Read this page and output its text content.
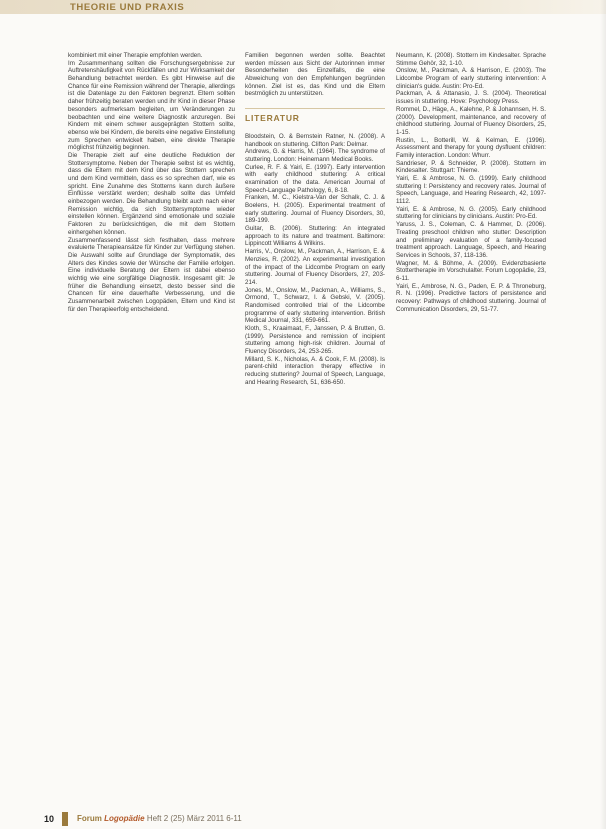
THEORIE UND PRAXIS

kombiniert mit einer Therapie empfohlen werden.

Im Zusammenhang sollten die Forschungsergebnisse zur Auftretenshäufigkeit von Rückfällen und zur Wirksamkeit der Behandlung betrachtet werden. Es gibt Hinweise auf die Chance für eine Remission während der Therapie, allerdings ist die Datenlage zu den Faktoren begrenzt. Eltern sollten daher frühzeitig beraten werden und ihr Kind in dieser Phase besonders aufmerksam begleiten, um Veränderungen zu beobachten und eine weitere Diagnostik anzuregen. Bei Kindern mit einem schwer ausgeprägten Stottern sollte, ebenso wie bei Kindern, die bereits eine negative Einstellung zum Sprechen entwickelt haben, eine direkte Therapie möglichst frühzeitig beginnen.

Die Therapie zielt auf eine deutliche Reduktion der Stottersymptome. Neben der Therapie selbst ist es wichtig, dass die Eltern mit dem Kind über das Stottern sprechen und dem Kind vermitteln, dass es so sprechen darf, wie es spricht. Eine Zunahme des Stotterns kann durch äußere Einflüsse verstärkt werden; deshalb sollte das Umfeld einbezogen werden. Die Behandlung bleibt auch nach einer Remission wichtig, da sich Stottersymptome wieder einstellen können. Ergänzend sind emotionale und soziale Faktoren zu berücksichtigen, die mit dem Stottern einhergehen können.

Zusammenfassend lässt sich festhalten, dass mehrere evaluierte Therapieansätze für Kinder zur Verfügung stehen. Die Auswahl sollte auf Grundlage der Symptomatik, des Alters des Kindes sowie der Wünsche der Familie erfolgen. Eine individuelle Beratung der Eltern ist dabei ebenso wichtig wie eine sorgfältige Diagnostik. Insgesamt gilt: Je früher die Behandlung einsetzt, desto besser sind die Chancen für eine dauerhafte Verbesserung, und die Zusammenarbeit zwischen Logopäden, Eltern und Kind ist für den Therapieerfolg entscheidend.

Familien begonnen werden sollte. Beachtet werden müssen aus Sicht der Autorinnen immer Besonderheiten des Einzelfalls, die eine Abweichung von den Empfehlungen begründen können. Ziel ist es, das Kind und die Eltern bestmöglich zu unterstützen.

LITERATUR

Bloodstein, O. & Bernstein Ratner, N. (2008). A handbook on stuttering. Clifton Park: Delmar.

Andrews, G. & Harris, M. (1964). The syndrome of stuttering. London: Heinemann Medical Books.

Curlee, R. F. & Yairi, E. (1997). Early intervention with early childhood stuttering: A critical examination of the data. American Journal of Speech-Language Pathology, 6, 8-18.

Franken, M. C., Kielstra-Van der Schalk, C. J. & Boelens, H. (2005). Experimental treatment of early stuttering. Journal of Fluency Disorders, 30, 189-199.

Guitar, B. (2006). Stuttering: An integrated approach to its nature and treatment. Baltimore: Lippincott Williams & Wilkins.

Harris, V., Onslow, M., Packman, A., Harrison, E. & Menzies, R. (2002). An experimental investigation of the impact of the Lidcombe Program on early stuttering. Journal of Fluency Disorders, 27, 203-214.

Jones, M., Onslow, M., Packman, A., Williams, S., Ormond, T., Schwarz, I. & Gebski, V. (2005). Randomised controlled trial of the Lidcombe programme of early stuttering intervention. British Medical Journal, 331, 659-661.

Kloth, S., Kraaimaat, F., Janssen, P. & Brutten, G. (1999). Persistence and remission of incipient stuttering among high-risk children. Journal of Fluency Disorders, 24, 253-265.

Millard, S. K., Nicholas, A. & Cook, F. M. (2008). Is parent-child interaction therapy effective in reducing stuttering? Journal of Speech, Language, and Hearing Research, 51, 636-650.

Neumann, K. (2008). Stottern im Kindesalter. Sprache Stimme Gehör, 32, 1-10.

Onslow, M., Packman, A. & Harrison, E. (2003). The Lidcombe Program of early stuttering intervention: A clinician's guide. Austin: Pro-Ed.

Packman, A. & Attanasio, J. S. (2004). Theoretical issues in stuttering. Hove: Psychology Press.

Rommel, D., Häge, A., Kalehne, P. & Johannsen, H. S. (2000). Development, maintenance, and recovery of childhood stuttering. Journal of Fluency Disorders, 25, 1-15.

Rustin, L., Botterill, W. & Kelman, E. (1996). Assessment and therapy for young dysfluent children: Family interaction. London: Whurr.

Sandrieser, P. & Schneider, P. (2008). Stottern im Kindesalter. Stuttgart: Thieme.

Yairi, E. & Ambrose, N. G. (1999). Early childhood stuttering I: Persistency and recovery rates. Journal of Speech, Language, and Hearing Research, 42, 1097-1112.

Yairi, E. & Ambrose, N. G. (2005). Early childhood stuttering for clinicians by clinicians. Austin: Pro-Ed.

Yaruss, J. S., Coleman, C. & Hammer, D. (2006). Treating preschool children who stutter: Description and preliminary evaluation of a family-focused treatment approach. Language, Speech, and Hearing Services in Schools, 37, 118-136.

Wagner, M. & Böhme, A. (2009). Evidenzbasierte Stottertherapie im Vorschulalter. Forum Logopädie, 23, 6-11.

Yairi, E., Ambrose, N. G., Paden, E. P. & Throneburg, R. N. (1996). Predictive factors of persistence and recovery: Pathways of childhood stuttering. Journal of Communication Disorders, 29, 51-77.

10	Forum Logopädie Heft 2 (25) März 2011 6-11
